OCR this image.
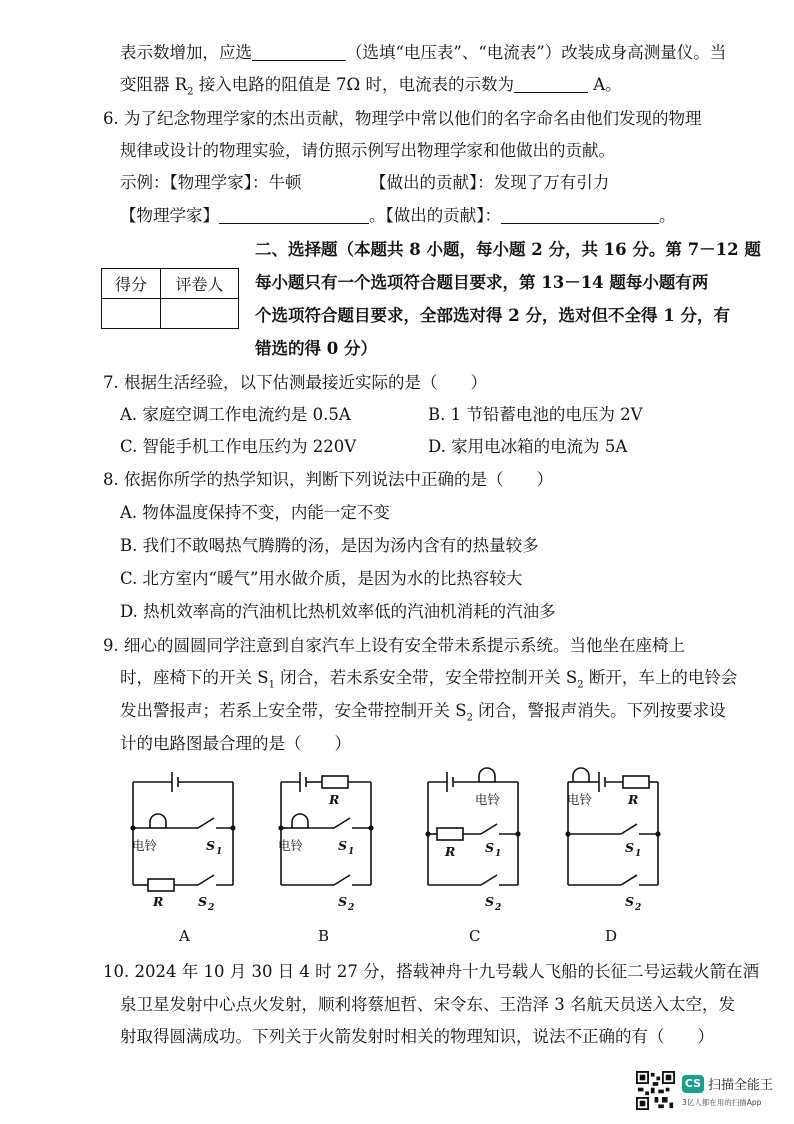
表示数增加，应选	（选填“电压表”、“电流表”）改装成身高测量仪。当
变阻器 $R_2$ 接入电路的阻值是 7Ω 时，电流表的示数为	A。
6. 为了纪念物理学家的杰出贡献，物理学中常以他们的名字命名由他们发现的物理
规律或设计的物理实验，请仿照示例写出物理学家和他做出的贡献。
示例：【物理学家】：牛顿	【做出的贡献】：发现了万有引力
【物理学家】	。【做出的贡献】：	。
得分	评卷人

二、选择题（本题共 8 小题，每小题 2 分，共 16 分。第 7－12 题
每小题只有一个选项符合题目要求，第 13－14 题每小题有两
个选项符合题目要求，全部选对得 2 分，选对但不全得 1 分，有
错选的得 0 分）
7. 根据生活经验，以下估测最接近实际的是（　　）
A. 家庭空调工作电流约是 0.5A	B. 1 节铅蓄电池的电压为 2V
C. 智能手机工作电压约为 220V	D. 家用电冰箱的电流为 5A
8. 依据你所学的热学知识，判断下列说法中正确的是（　　）
A. 物体温度保持不变，内能一定不变
B. 我们不敢喝热气腾腾的汤，是因为汤内含有的热量较多
C. 北方室内“暖气”用水做介质，是因为水的比热容较大
D. 热机效率高的汽油机比热机效率低的汽油机消耗的汽油多
9. 细心的圆圆同学注意到自家汽车上设有安全带未系提示系统。当他坐在座椅上
时，座椅下的开关 $S_1$ 闭合，若未系安全带，安全带控制开关 $S_2$ 断开，车上的电铃会
发出警报声；若系上安全带，安全带控制开关 $S_2$ 闭合，警报声消失。下列按要求设
计的电路图最合理的是（　　）
电铃	S 1
R	S 2
R
电铃	S 1
S 2
电铃
R S 1
S 2
电铃	R
S 1
S 2
A	B	C	D
10. 2024 年 10 月 30 日 4 时 27 分，搭载神舟十九号载人飞船的长征二号运载火箭在酒
泉卫星发射中心点火发射，顺利将蔡旭哲、宋令东、王浩泽 3 名航天员送入太空，发
射取得圆满成功。下列关于火箭发射时相关的物理知识，说法不正确的有（　　）
CS 扫描全能王
3亿人都在用的扫描App
